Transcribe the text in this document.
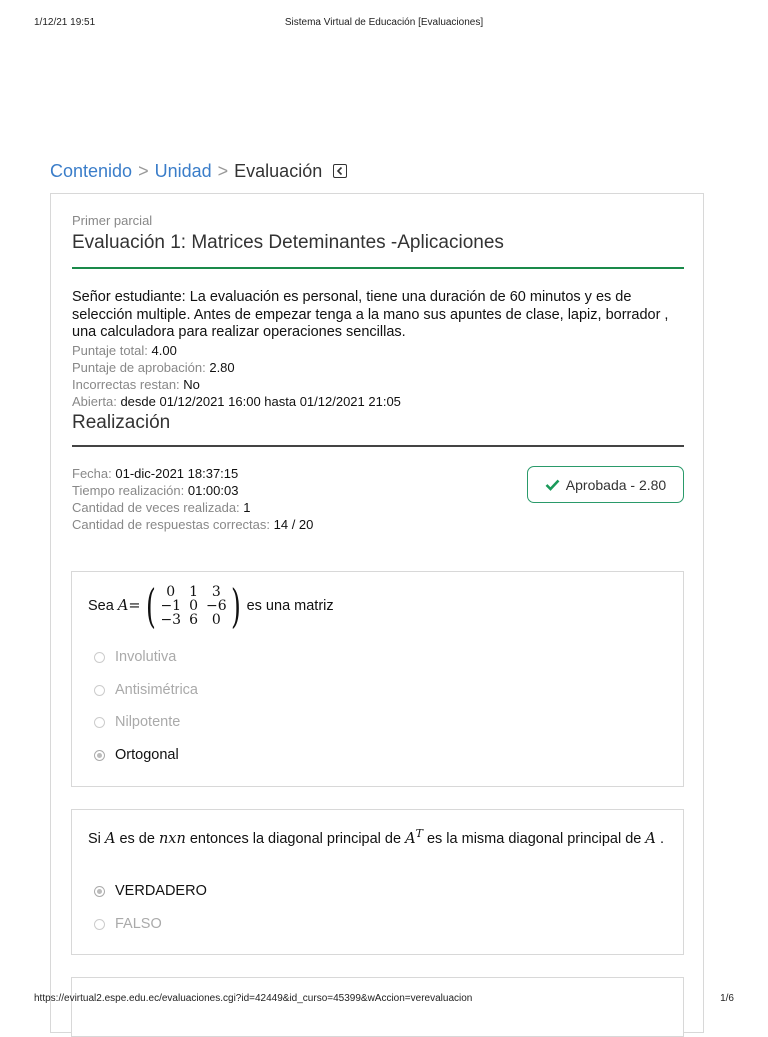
1/12/21 19:51	Sistema Virtual de Educación [Evaluaciones]
Contenido > Unidad > Evaluación
Primer parcial
Evaluación 1: Matrices Deteminantes -Aplicaciones
Señor estudiante: La evaluación es personal, tiene una duración de 60 minutos y es de selección multiple. Antes de empezar tenga a la mano sus apuntes de clase, lapiz, borrador , una calculadora para realizar operaciones sencillas.
Puntaje total: 4.00
Puntaje de aprobación: 2.80
Incorrectas restan: No
Abierta: desde 01/12/2021 16:00 hasta 01/12/2021 21:05
Realización
Fecha: 01-dic-2021 18:37:15
Tiempo realización: 01:00:03
Cantidad de veces realizada: 1
Cantidad de respuestas correctas: 14 / 20
Aprobada - 2.80
Sea
A = ( 0 1 3
−1 0 −6
−3 6 0 ) es una matriz
Involutiva
Antisimétrica
Nilpotente
Ortogonal
Si A es de nxn entonces la diagonal principal de $A^T$ es la misma diagonal principal de A .
VERDADERO
FALSO
https://evirtual2.espe.edu.ec/evaluaciones.cgi?id=42449&id_curso=45399&wAccion=verevaluacion	1/6
